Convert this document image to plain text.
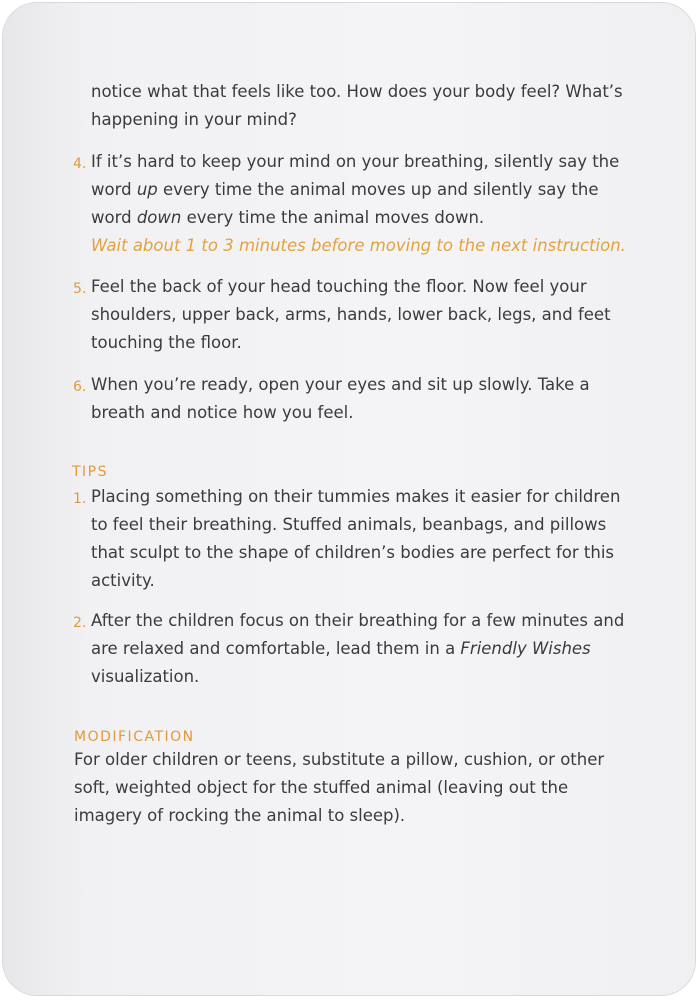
notice what that feels like too. How does your body feel? What’s happening in your mind?

4. If it’s hard to keep your mind on your breathing, silently say the word up every time the animal moves up and silently say the word down every time the animal moves down.
Wait about 1 to 3 minutes before moving to the next instruction.
5. Feel the back of your head touching the floor. Now feel your shoulders, upper back, arms, hands, lower back, legs, and feet touching the floor.
6. When you’re ready, open your eyes and sit up slowly. Take a breath and notice how you feel.
TIPS
1. Placing something on their tummies makes it easier for children to feel their breathing. Stuffed animals, beanbags, and pillows that sculpt to the shape of children’s bodies are perfect for this activity.
2. After the children focus on their breathing for a few minutes and are relaxed and comfortable, lead them in a Friendly Wishes visualization.
MODIFICATION
For older children or teens, substitute a pillow, cushion, or other soft, weighted object for the stuffed animal (leaving out the imagery of rocking the animal to sleep).
